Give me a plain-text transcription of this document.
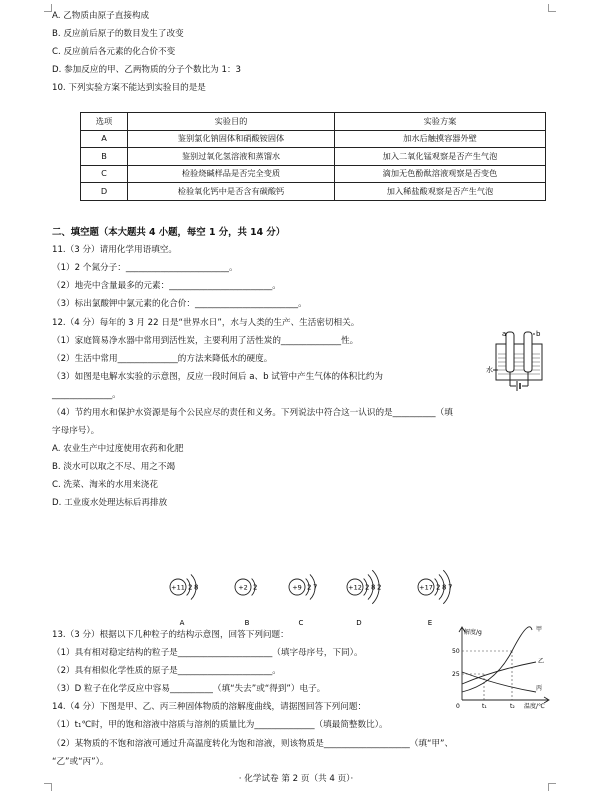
A. 乙物质由原子直接构成
B. 反应前后原子的数目发生了改变
C. 反应前后各元素的化合价不变
D. 参加反应的甲、乙两物质的分子个数比为 1：3
10. 下列实验方案不能达到实验目的是是
选项	实验目的	实验方案
A	鉴别氯化钠固体和硝酸铵固体	加水后触摸容器外壁
B	鉴别过氧化氢溶液和蒸馏水	加入二氧化锰观察是否产生气泡
C	检验烧碱样品是否完全变质	滴加无色酚酞溶液观察是否变色
D	检验氧化钙中是否含有碳酸钙	加入稀盐酸观察是否产生气泡
二、填空题（本大题共 4 小题，每空 1 分，共 14 分）
11.（3 分）请用化学用语填空。
（1）2 个氮分子：________________________。
（2）地壳中含量最多的元素：________________________。
（3）标出氯酸钾中氯元素的化合价：________________________。
12.（4 分）每年的 3 月 22 日是“世界水日”，水与人类的生产、生活密切相关。
（1）家庭简易净水器中常用到活性炭，主要利用了活性炭的______________性。
（2）生活中常用______________的方法来降低水的硬度。
（3）如图是电解水实验的示意图，反应一段时间后 a、b 试管中产生气体的体积比约为
______________。
（4）节约用水和保护水资源是每个公民应尽的责任和义务。下列说法中符合这一认识的是__________（填
字母序号）。
A. 农业生产中过度使用农药和化肥
B. 淡水可以取之不尽、用之不竭
C. 洗菜、淘米的水用来浇花
D. 工业废水处理达标后再排放
a	b
水
+11 2 8
A
+2 2
B
+9 2 7
C
+12 2 8 2
D
+17 2 8 7
E
13.（3 分）根据以下几种粒子的结构示意图，回答下列问题：
（1）具有相对稳定结构的粒子是______________________（填字母序号，下同）。
（2）具有相似化学性质的原子是______________________。
（3）D 粒子在化学反应中容易__________（填“失去”或“得到”）电子。
14.（4 分）下图是甲、乙、丙三种固体物质的溶解度曲线，请据图回答下列问题：
（1）t₁℃时，甲的饱和溶液中溶质与溶剂的质量比为______________（填最简整数比）。
（2）某物质的不饱和溶液可通过升高温度转化为饱和溶液，则该物质是____________________（填“甲”、
“乙”或“丙”）。
解度/g
温度/℃
50
25
0	t₁	t₂
甲
乙
丙
· 化学试卷 第 2 页（共 4 页）·
